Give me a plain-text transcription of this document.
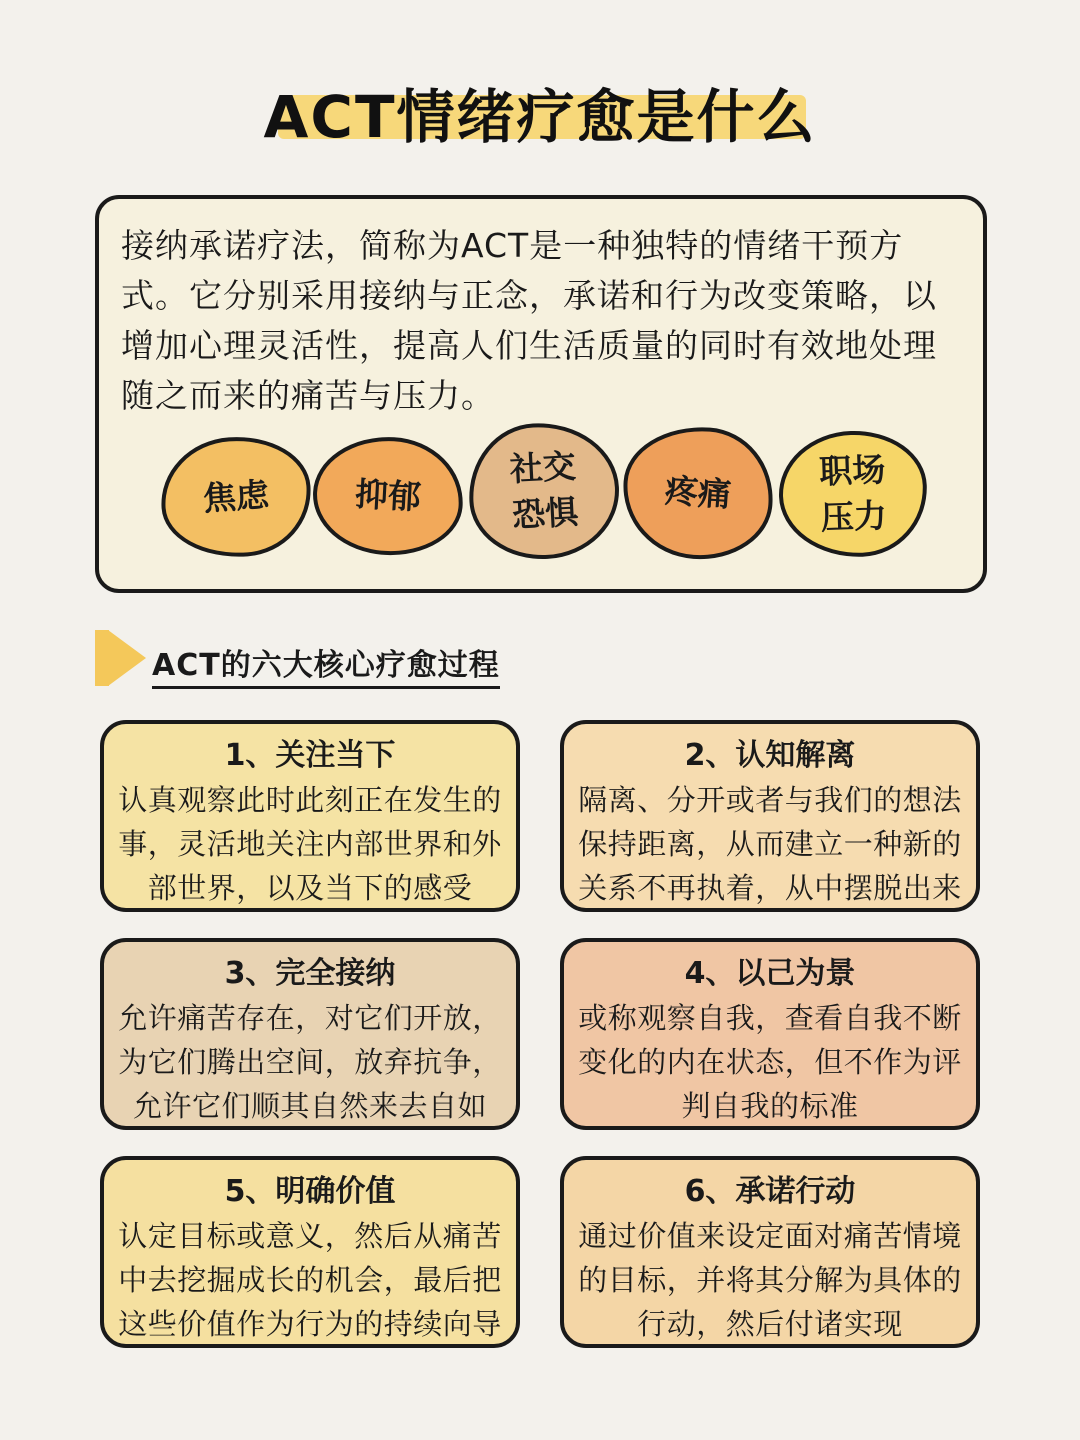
ACT情绪疗愈是什么
接纳承诺疗法，简称为ACT是一种独特的情绪干预方式。它分别采用接纳与正念，承诺和行为改变策略，以增加心理灵活性，提高人们生活质量的同时有效地处理随之而来的痛苦与压力。
焦虑	抑郁
社交
恐惧	疼痛
职场
压力
ACT的六大核心疗愈过程
1、关注当下

认真观察此时此刻正在发生的

事，灵活地关注内部世界和外

部世界，以及当下的感受

2、认知解离

隔离、分开或者与我们的想法

保持距离，从而建立一种新的

关系不再执着，从中摆脱出来

3、完全接纳

允许痛苦存在，对它们开放，

为它们腾出空间，放弃抗争，

允许它们顺其自然来去自如

4、以己为景

或称观察自我，查看自我不断

变化的内在状态，但不作为评

判自我的标准

5、明确价值

认定目标或意义，然后从痛苦

中去挖掘成长的机会，最后把

这些价值作为行为的持续向导

6、承诺行动

通过价值来设定面对痛苦情境

的目标，并将其分解为具体的

行动，然后付诸实现
